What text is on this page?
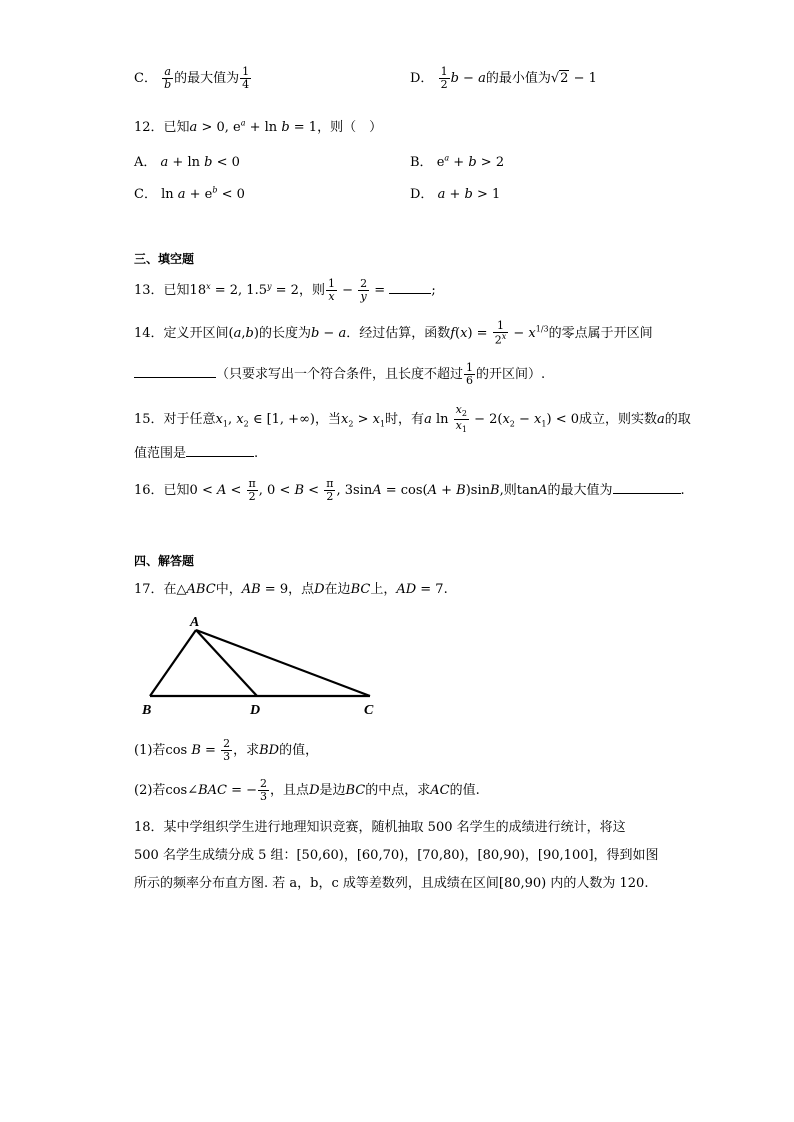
C． $\frac{a}{b}$ 的最大值为 $\frac{1}{4}$	D． $\frac{1}{2}$ b − a的最小值为√2 − 1
12．已知a > 0, $e^a + \ln b = 1$，则（　）
A． a + ln b < 0	B． $e^a + b > 2$
C． $\ln a + e^b < 0$	D． a + b > 1
三、填空题
13．已知$18^x = 2$, $1.5^y = 2$，则 $\frac{1}{x} - \frac{2}{y}$ =	;
14．定义开区间(a,b)的长度为b − a．经过估算，函数$f(x) = \frac{1}{2^x} - x^{1/3}$的零点属于开区间
（只要求写出一个符合条件，且长度不超过 $\frac{1}{6}$ 的开区间）.
15．对于任意$x_1$, $x_2$ ∈ [1, +∞)，当$x_2 > x_1$时，有a $\ln \frac{x_2}{x_1} - 2(x_2 - x_1) < 0$成立，则实数a的取
值范围是	.
16．已知$0 < A < \frac{\pi}{2}$ , $0 < B < \frac{\pi}{2}$ , 3sinA = cos(A + B)sinB,则tanA的最大值为	.
四、解答题
17．在△ABC中，AB = 9，点D在边BC上，AD = 7.
A
B	D	C
(1)若$\cos B = \frac{2}{3}$ ，求BD的值，
(2)若cos∠BAC = − $\frac{2}{3}$ ，且点D是边BC的中点，求AC的值.

18．某中学组织学生进行地理知识竞赛，随机抽取 500 名学生的成绩进行统计，将这

500 名学生成绩分成 5 组：[50,60)，[60,70)，[70,80)，[80,90)，[90,100]，得到如图

所示的频率分布直方图. 若 a，b，c 成等差数列，且成绩在区间[80,90) 内的人数为 120.
